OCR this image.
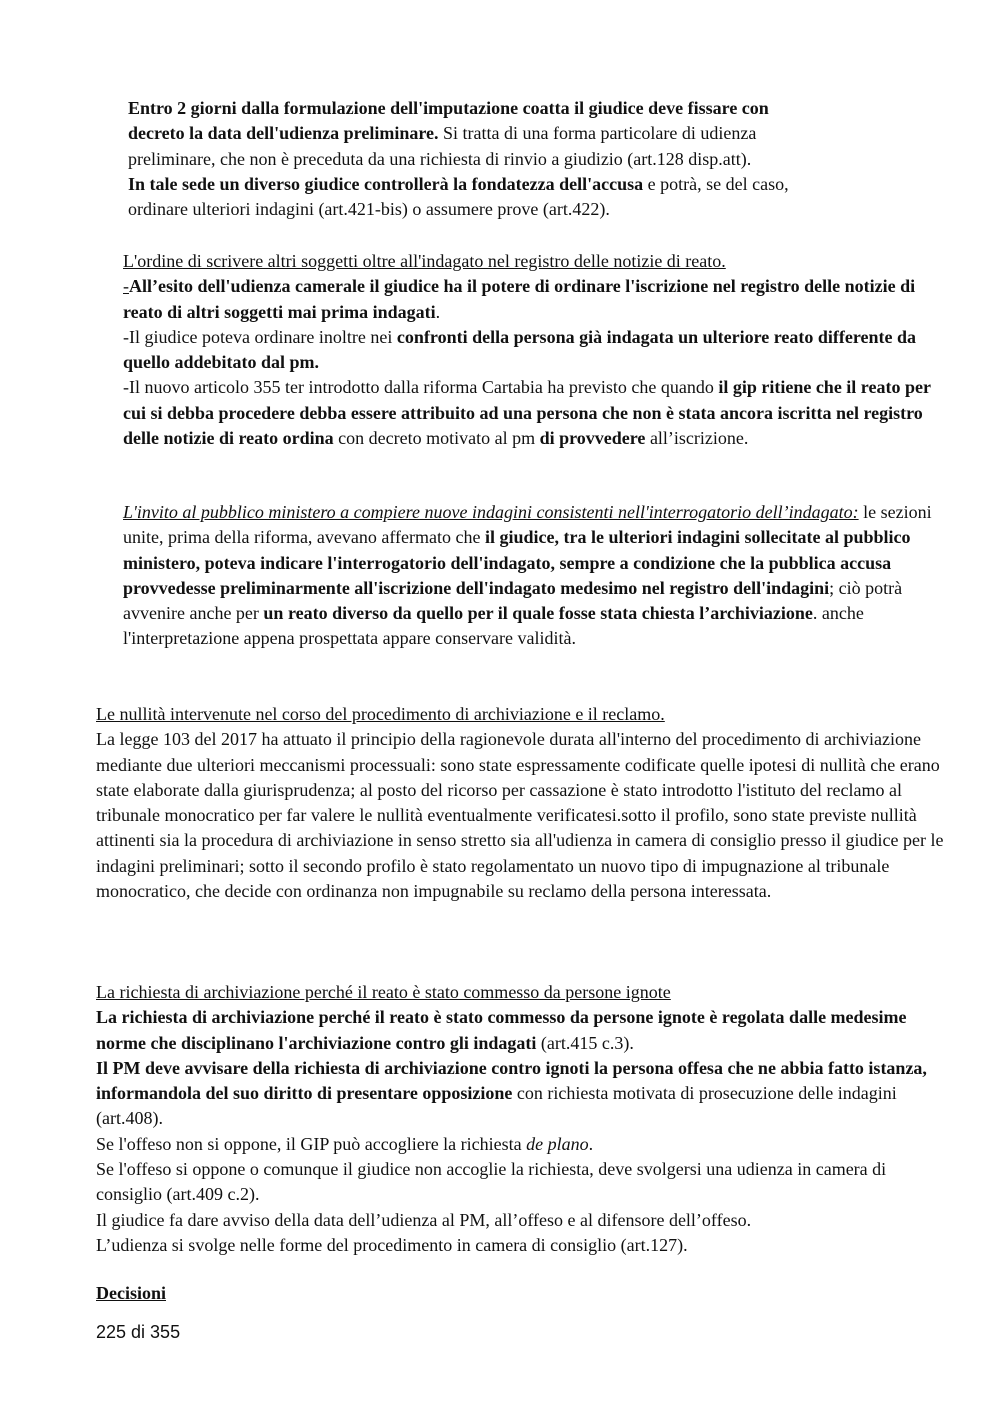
Entro 2 giorni dalla formulazione dell'imputazione coatta il giudice deve fissare con

decreto la data dell'udienza preliminare. Si tratta di una forma particolare di udienza

preliminare, che non è preceduta da una richiesta di rinvio a giudizio (art.128 disp.att).

In tale sede un diverso giudice controllerà la fondatezza dell'accusa e potrà, se del caso,

ordinare ulteriori indagini (art.421-bis) o assumere prove (art.422).

L'ordine di scrivere altri soggetti oltre all'indagato nel registro delle notizie di reato.

-All’esito dell'udienza camerale il giudice ha il potere di ordinare l'iscrizione nel registro delle notizie di reato di altri soggetti mai prima indagati.

-Il giudice poteva ordinare inoltre nei confronti della persona già indagata un ulteriore reato differente da quello addebitato dal pm.

-Il nuovo articolo 355 ter introdotto dalla riforma Cartabia ha previsto che quando il gip ritiene che il reato per cui si debba procedere debba essere attribuito ad una persona che non è stata ancora iscritta nel registro delle notizie di reato ordina con decreto motivato al pm di provvedere all’iscrizione.

L'invito al pubblico ministero a compiere nuove indagini consistenti nell'interrogatorio dell’indagato: le sezioni unite, prima della riforma, avevano affermato che il giudice, tra le ulteriori indagini sollecitate al pubblico ministero, poteva indicare l'interrogatorio dell'indagato, sempre a condizione che la pubblica accusa provvedesse preliminarmente all'iscrizione dell'indagato medesimo nel registro dell'indagini; ciò potrà avvenire anche per un reato diverso da quello per il quale fosse stata chiesta l’archiviazione. anche l'interpretazione appena prospettata appare conservare validità.

Le nullità intervenute nel corso del procedimento di archiviazione e il reclamo.

La legge 103 del 2017 ha attuato il principio della ragionevole durata all'interno del procedimento di archiviazione mediante due ulteriori meccanismi processuali: sono state espressamente codificate quelle ipotesi di nullità che erano state elaborate dalla giurisprudenza; al posto del ricorso per cassazione è stato introdotto l'istituto del reclamo al tribunale monocratico per far valere le nullità eventualmente verificatesi.sotto il profilo, sono state previste nullità attinenti sia la procedura di archiviazione in senso stretto sia all'udienza in camera di consiglio presso il giudice per le indagini preliminari; sotto il secondo profilo è stato regolamentato un nuovo tipo di impugnazione al tribunale monocratico, che decide con ordinanza non impugnabile su reclamo della persona interessata.

La richiesta di archiviazione perché il reato è stato commesso da persone ignote

La richiesta di archiviazione perché il reato è stato commesso da persone ignote è regolata dalle medesime norme che disciplinano l'archiviazione contro gli indagati (art.415 c.3).

Il PM deve avvisare della richiesta di archiviazione contro ignoti la persona offesa che ne abbia fatto istanza, informandola del suo diritto di presentare opposizione con richiesta motivata di prosecuzione delle indagini (art.408).

Se l'offeso non si oppone, il GIP può accogliere la richiesta de plano.

Se l'offeso si oppone o comunque il giudice non accoglie la richiesta, deve svolgersi una udienza in camera di consiglio (art.409 c.2).

Il giudice fa dare avviso della data dell’udienza al PM, all’offeso e al difensore dell’offeso.

L’udienza si svolge nelle forme del procedimento in camera di consiglio (art.127).

Decisioni

225 di 355
